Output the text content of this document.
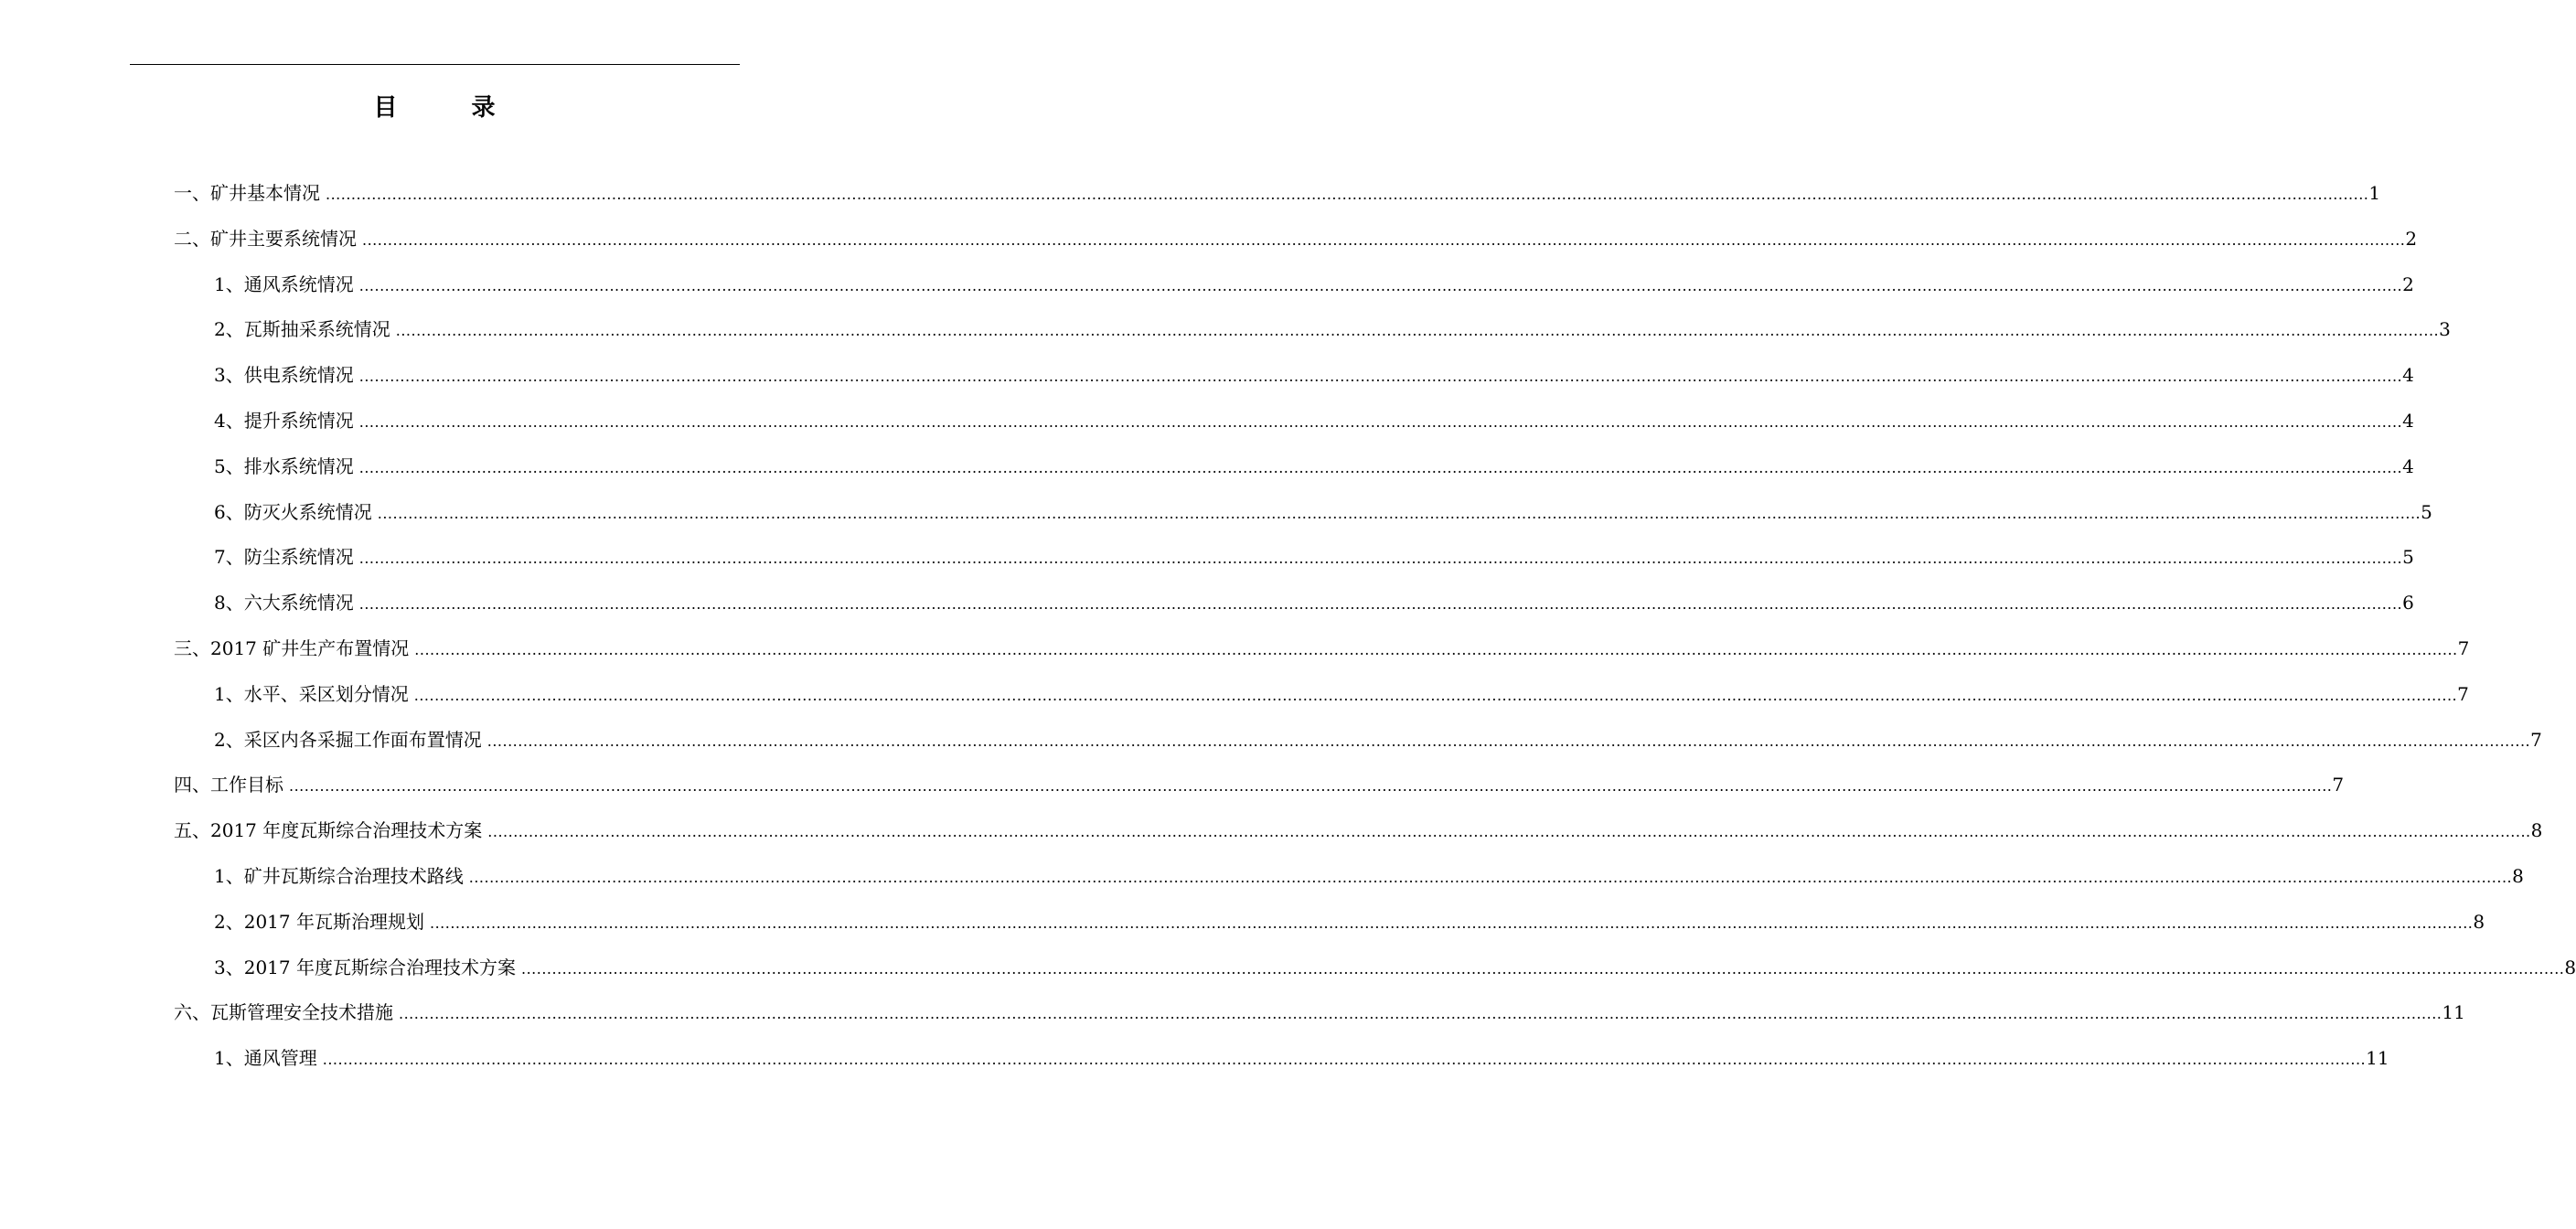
目 录
一、矿井基本情况 ................................................................................................................................................................................................................................................................................................................................................................................................................ 1
二、矿井主要系统情况 ................................................................................................................................................................................................................................................................................................................................................................................................................ 2
1、通风系统情况 ................................................................................................................................................................................................................................................................................................................................................................................................................ 2
2、瓦斯抽采系统情况 ................................................................................................................................................................................................................................................................................................................................................................................................................ 3
3、供电系统情况 ................................................................................................................................................................................................................................................................................................................................................................................................................ 4
4、提升系统情况 ................................................................................................................................................................................................................................................................................................................................................................................................................ 4
5、排水系统情况 ................................................................................................................................................................................................................................................................................................................................................................................................................ 4
6、防灭火系统情况 ................................................................................................................................................................................................................................................................................................................................................................................................................ 5
7、防尘系统情况 ................................................................................................................................................................................................................................................................................................................................................................................................................ 5
8、六大系统情况 ................................................................................................................................................................................................................................................................................................................................................................................................................ 6
三、2017 矿井生产布置情况 ................................................................................................................................................................................................................................................................................................................................................................................................................ 7
1、水平、采区划分情况 ................................................................................................................................................................................................................................................................................................................................................................................................................ 7
2、采区内各采掘工作面布置情况 ................................................................................................................................................................................................................................................................................................................................................................................................................ 7
四、工作目标 ................................................................................................................................................................................................................................................................................................................................................................................................................ 7
五、2017 年度瓦斯综合治理技术方案 ................................................................................................................................................................................................................................................................................................................................................................................................................ 8
1、矿井瓦斯综合治理技术路线 ................................................................................................................................................................................................................................................................................................................................................................................................................ 8
2、2017 年瓦斯治理规划 ................................................................................................................................................................................................................................................................................................................................................................................................................ 8
3、2017 年度瓦斯综合治理技术方案 ................................................................................................................................................................................................................................................................................................................................................................................................................ 8
六、瓦斯管理安全技术措施 ................................................................................................................................................................................................................................................................................................................................................................................................................ 11
1、通风管理 ................................................................................................................................................................................................................................................................................................................................................................................................................ 11
